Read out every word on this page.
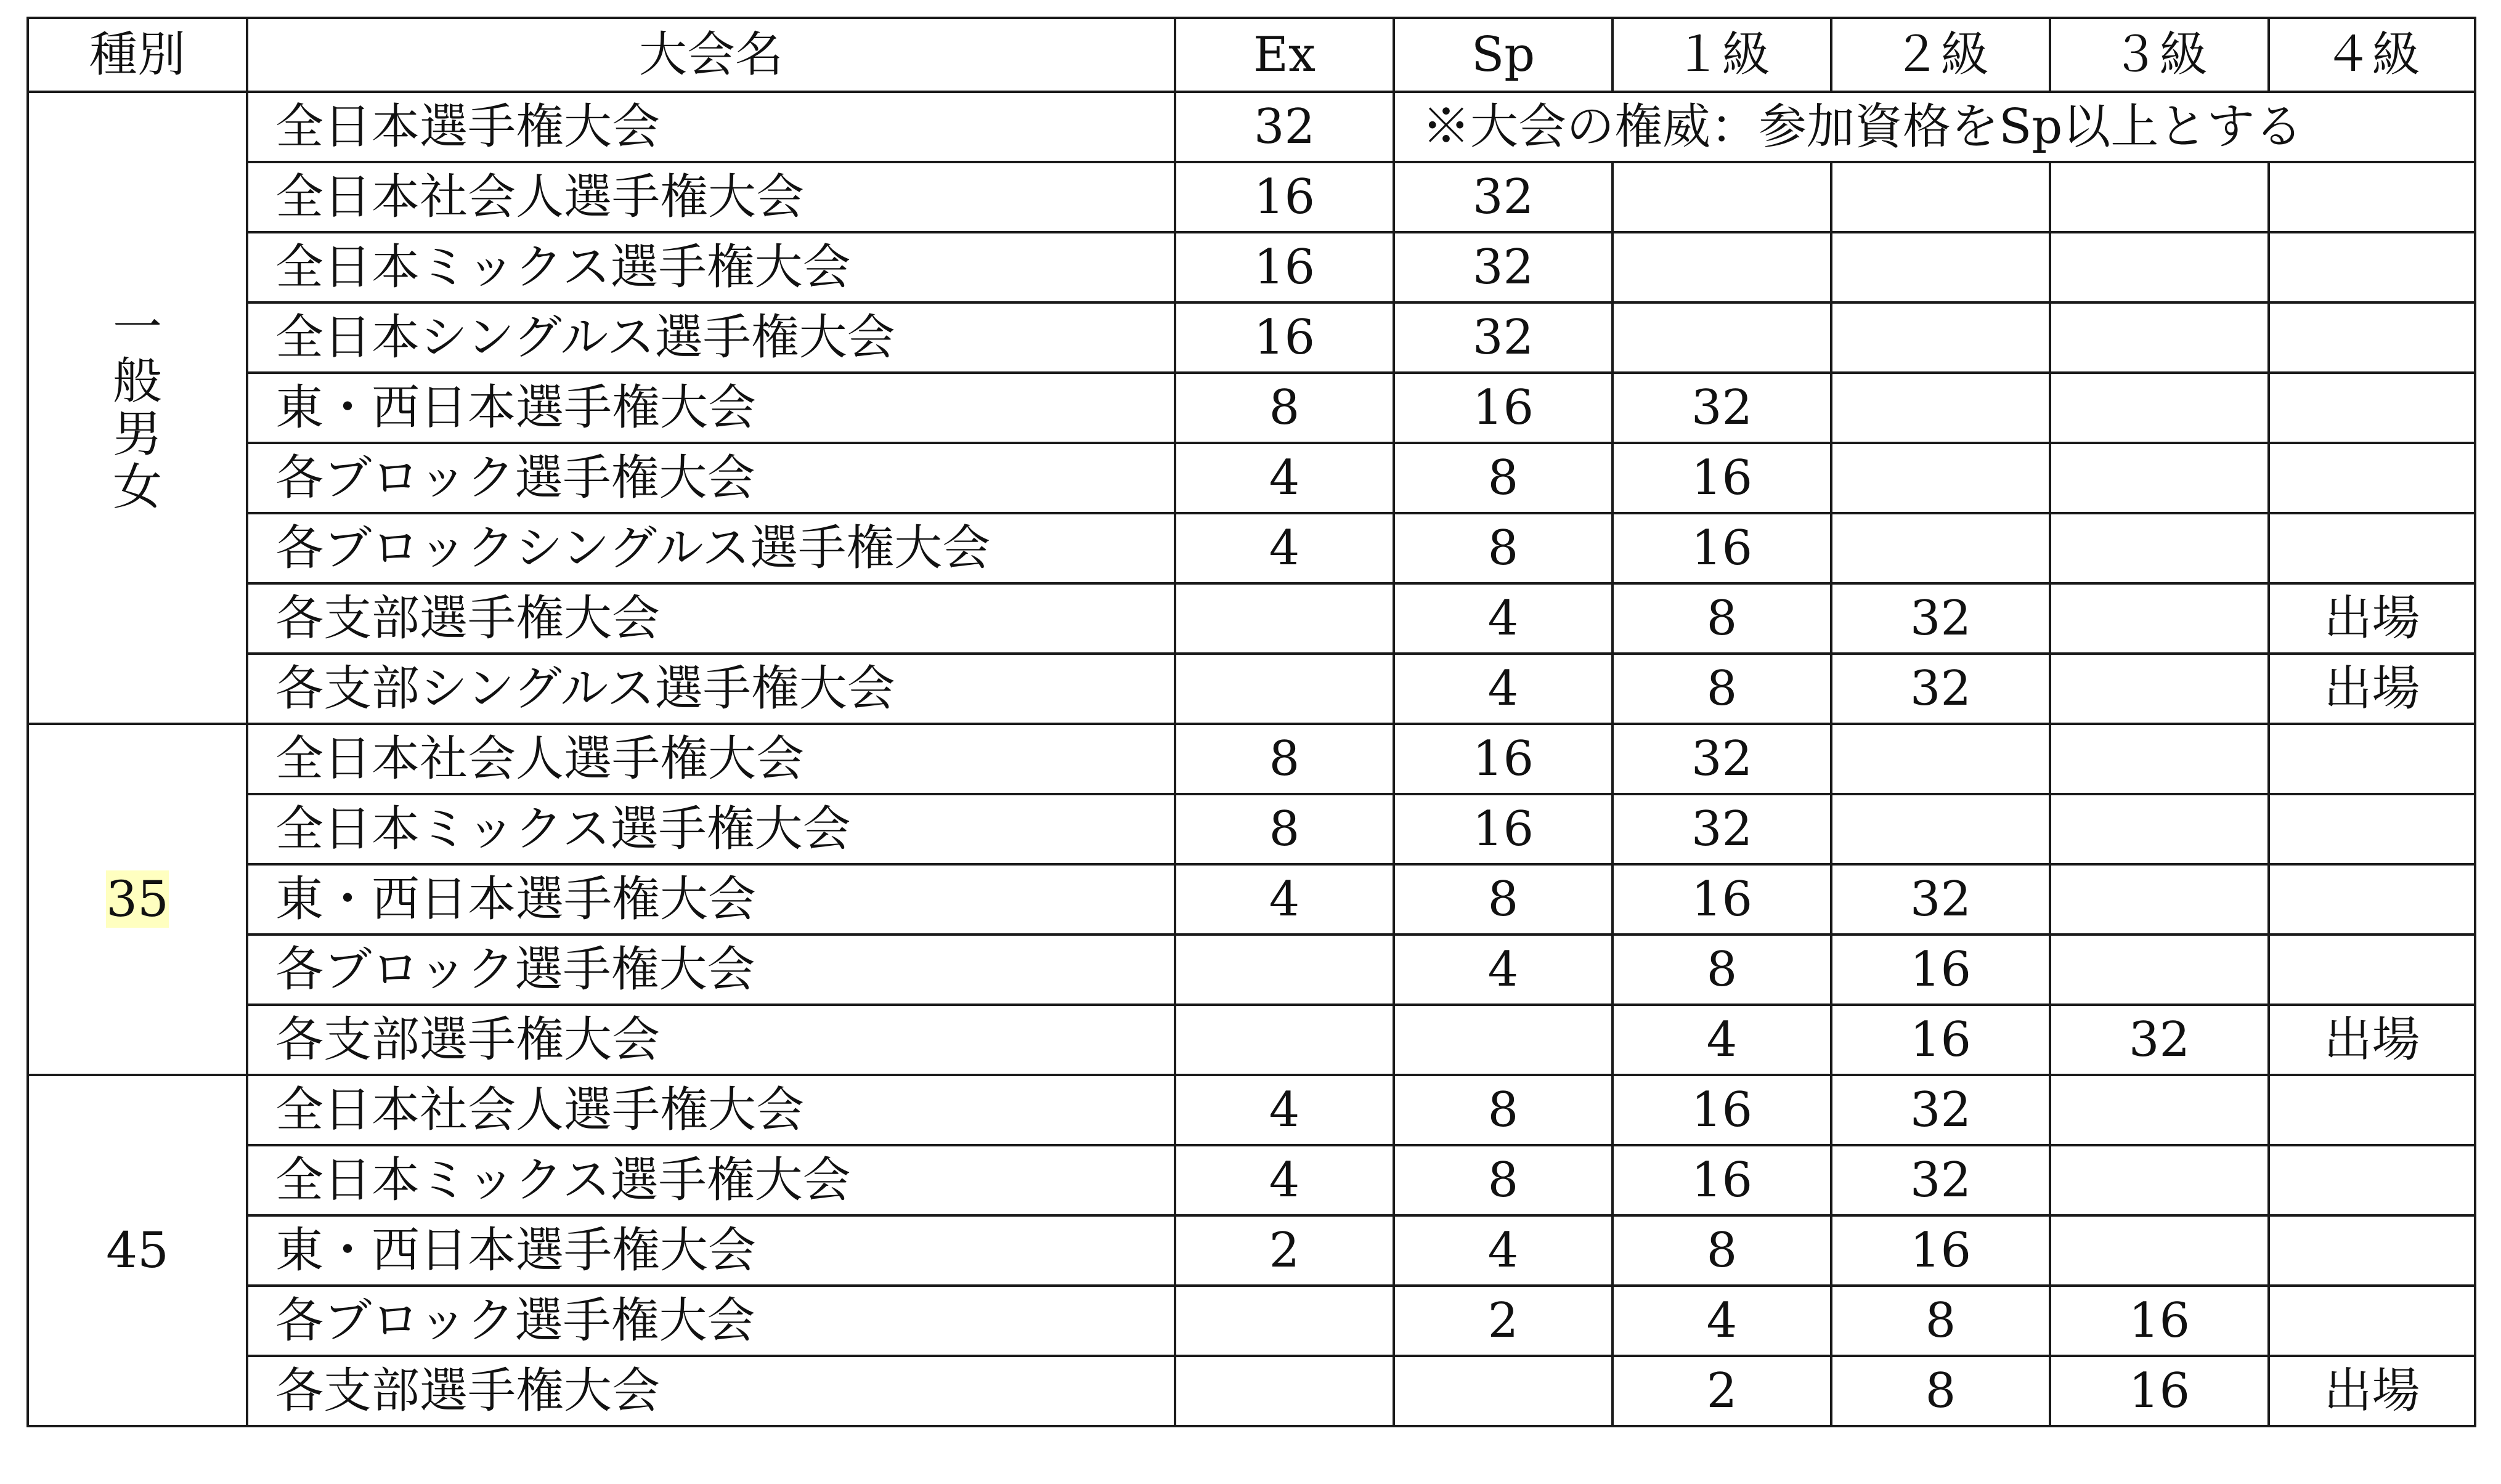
種別	大会名	Ex	Sp	１級	２級	３級	４級
一般男女	全日本選手権大会	32	※大会の権威：参加資格をSp以上とする				
	全日本社会人選手権大会	16	32				
	全日本ミックス選手権大会	16	32				
	全日本シングルス選手権大会	16	32				
	東・西日本選手権大会	8	16	32			
	各ブロック選手権大会	4	8	16			
	各ブロックシングルス選手権大会	4	8	16			
	各支部選手権大会		4	8	32		出場
	各支部シングルス選手権大会		4	8	32		出場
35	全日本社会人選手権大会	8	16	32			
	全日本ミックス選手権大会	8	16	32			
	東・西日本選手権大会	4	8	16	32		
	各ブロック選手権大会		4	8	16		
	各支部選手権大会			4	16	32	出場
45	全日本社会人選手権大会	4	8	16	32		
	全日本ミックス選手権大会	4	8	16	32		
	東・西日本選手権大会	2	4	8	16		
	各ブロック選手権大会		2	4	8	16	
	各支部選手権大会			2	8	16	出場
